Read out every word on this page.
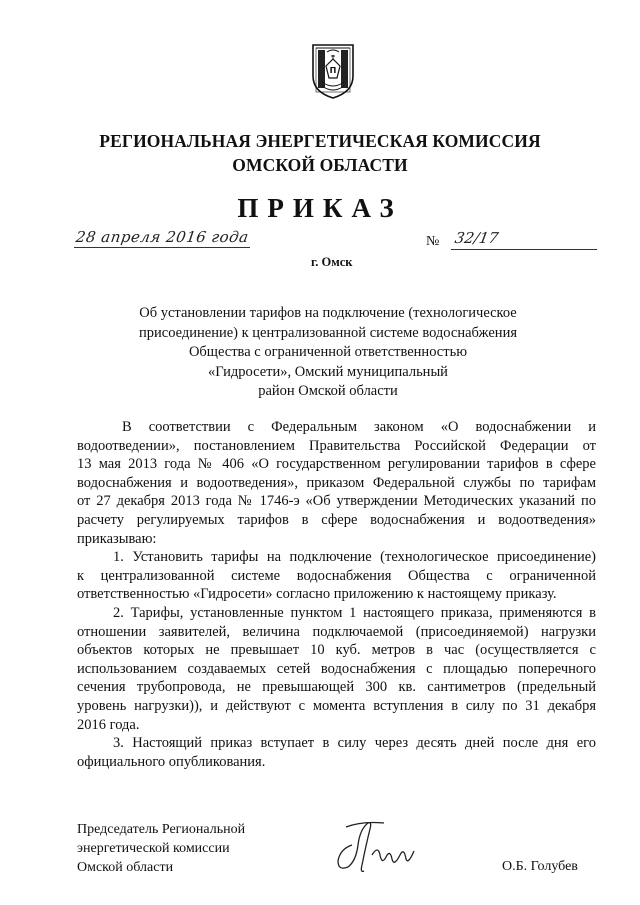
П
РЕГИОНАЛЬНАЯ ЭНЕРГЕТИЧЕСКАЯ КОМИССИЯ
ОМСКОЙ ОБЛАСТИ
ПРИКАЗ
28 апреля 2016 года
г. Омск
№ 32/17
Об установлении тарифов на подключение (технологическое
присоединение) к централизованной системе водоснабжения
Общества с ограниченной ответственностью
«Гидросети», Омский муниципальный
район Омской области
В соответствии с Федеральным законом «О водоснабжении и
водоотведении», постановлением Правительства Российской Федерации от
13 мая 2013 года № 406 «О государственном регулировании тарифов в сфере
водоснабжения и водоотведения», приказом Федеральной службы по тарифам
от 27 декабря 2013 года № 1746-э «Об утверждении Методических указаний по
расчету регулируемых тарифов в сфере водоснабжения и водоотведения»
приказываю:
1. Установить тарифы на подключение (технологическое присоединение)
к централизованной системе водоснабжения Общества с ограниченной
ответственностью «Гидросети» согласно приложению к настоящему приказу.
2. Тарифы, установленные пунктом 1 настоящего приказа, применяются в
отношении заявителей, величина подключаемой (присоединяемой) нагрузки
объектов которых не превышает 10 куб. метров в час (осуществляется с
использованием создаваемых сетей водоснабжения с площадью поперечного
сечения трубопровода, не превышающей 300 кв. сантиметров (предельный
уровень нагрузки)), и действуют с момента вступления в силу по 31 декабря
2016 года.
3. Настоящий приказ вступает в силу через десять дней после дня его
официального опубликования.
Председатель Региональной
энергетической комиссии
Омской области	О.Б. Голубев
